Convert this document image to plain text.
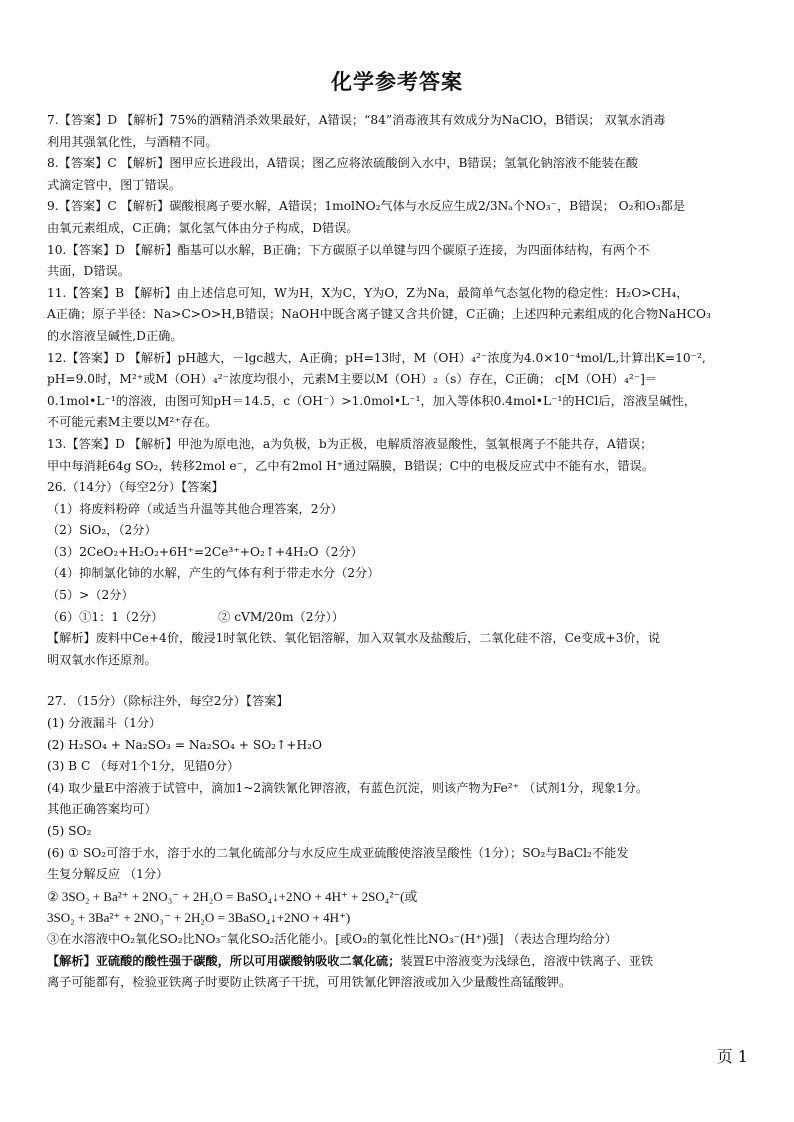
化学参考答案

7.【答案】D 【解析】75%的酒精消杀效果最好，A错误；“84”消毒液其有效成分为NaClO，B错误； 双氧水消毒

利用其强氧化性，与酒精不同。

8.【答案】C 【解析】图甲应长进段出，A错误；图乙应将浓硫酸倒入水中，B错误；氢氧化钠溶液不能装在酸

式滴定管中，图丁错误。

9.【答案】C 【解析】碳酸根离子要水解，A错误；1molNO₂气体与水反应生成2/3Nₐ个NO₃⁻，B错误； O₂和O₃都是

由氧元素组成，C正确；氯化氢气体由分子构成，D错误。

10.【答案】D 【解析】酯基可以水解，B正确；下方碳原子以单键与四个碳原子连接，为四面体结构，有两个不

共面，D错误。

11.【答案】B 【解析】由上述信息可知，W为H，X为C，Y为O，Z为Na，最简单气态氢化物的稳定性：H₂O>CH₄，

A正确；原子半径：Na>C>O>H,B错误；NaOH中既含离子键又含共价键，C正确；上述四种元素组成的化合物NaHCO₃

的水溶液呈碱性,D正确。

12.【答案】D 【解析】pH越大，－lgc越大，A正确；pH=13时，M（OH）₄²⁻浓度为4.0×10⁻⁴mol/L,计算出K=10⁻²,

pH=9.0时，M²⁺或M（OH）₄²⁻浓度均很小，元素M主要以M（OH）₂（s）存在，C正确； c[M（OH）₄²⁻]＝

0.1mol•L⁻¹的溶液，由图可知pH＝14.5，c（OH⁻）>1.0mol•L⁻¹，加入等体积0.4mol•L⁻¹的HCl后，溶液呈碱性，

不可能元素M主要以M²⁺存在。

13.【答案】D 【解析】甲池为原电池，a为负极，b为正极，电解质溶液显酸性，氢氧根离子不能共存，A错误；

甲中每消耗64g SO₂，转移2mol e⁻，乙中有2mol H⁺通过隔膜，B错误；C中的电极反应式中不能有水，错误。

26.（14分）（每空2分）【答案】

（1）将废料粉碎（或适当升温等其他合理答案，2分）

（2）SiO₂，（2分）

（3）2CeO₂+H₂O₂+6H⁺=2Ce³⁺+O₂↑+4H₂O（2分）

（4）抑制氯化铈的水解，产生的气体有利于带走水分（2分）

（5）>（2分）

（6）①1：1（2分）　　　　　② cVM/20m（2分））

【解析】废料中Ce+4价，酸浸1时氧化铁、氧化铝溶解，加入双氧水及盐酸后，二氧化硅不溶，Ce变成+3价，说

明双氧水作还原剂。

27. （15分）（除标注外，每空2分）【答案】

(1) 分液漏斗（1分）

(2) H₂SO₄ + Na₂SO₃ = Na₂SO₄ + SO₂↑+H₂O

(3) B C （每对1个1分，见错0分）

(4) 取少量E中溶液于试管中，滴加1~2滴铁氰化钾溶液，有蓝色沉淀，则该产物为Fe²⁺ （试剂1分，现象1分。

其他正确答案均可）

(5) SO₂

(6) ① SO₂可溶于水，溶于水的二氧化硫部分与水反应生成亚硫酸使溶液呈酸性（1分）；SO₂与BaCl₂不能发

生复分解反应 （1分）

② 3SO₂ + Ba²⁺ + 2NO₃⁻ + 2H₂O = BaSO₄↓+2NO + 4H⁺ + 2SO₄²⁻(或

3SO₂ + 3Ba²⁺ + 2NO₃⁻ + 2H₂O = 3BaSO₄↓+2NO + 4H⁺)

③在水溶液中O₂氧化SO₂比NO₃⁻氧化SO₂活化能小。[或O₂的氧化性比NO₃⁻(H⁺)强] （表达合理均给分）

【解析】亚硫酸的酸性强于碳酸，所以可用碳酸钠吸收二氧化硫；装置E中溶液变为浅绿色，溶液中铁离子、亚铁

离子可能都有，检验亚铁离子时要防止铁离子干扰，可用铁氰化钾溶液或加入少量酸性高锰酸钾。

页 1
